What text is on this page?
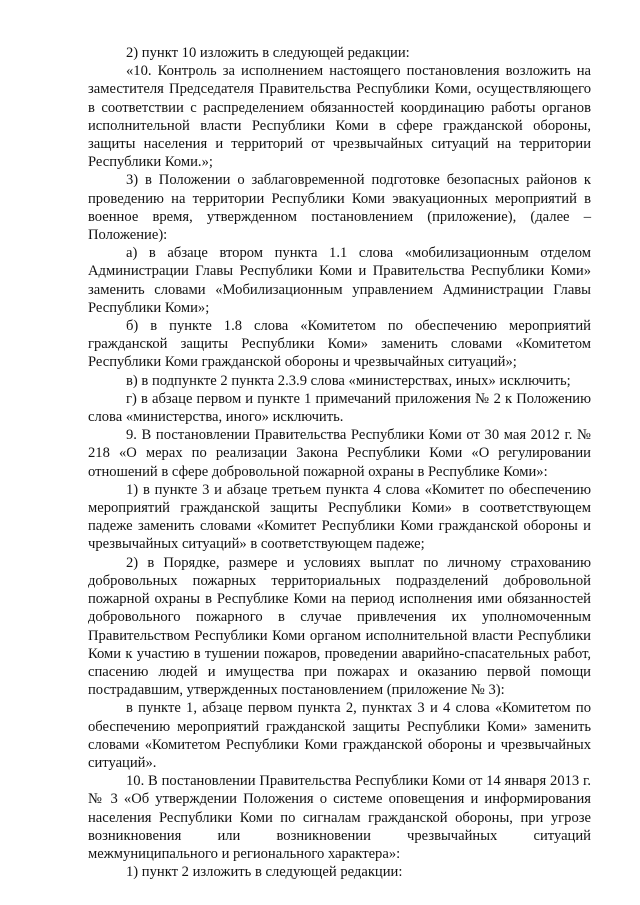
2) пункт 10 изложить в следующей редакции:

«10. Контроль за исполнением настоящего постановления возложить на заместителя Председателя Правительства Республики Коми, осуществляющего в соответствии с распределением обязанностей координацию работы органов исполнительной власти Республики Коми в сфере гражданской обороны, защиты населения и территорий от чрезвычайных ситуаций на территории Республики Коми.»;

3) в Положении о заблаговременной подготовке безопасных районов к проведению на территории Республики Коми эвакуационных мероприятий в военное время, утвержденном постановлением (приложение), (далее – Положение):

а) в абзаце втором пункта 1.1 слова «мобилизационным отделом Администрации Главы Республики Коми и Правительства Республики Коми» заменить словами «Мобилизационным управлением Администрации Главы Республики Коми»;

б) в пункте 1.8 слова «Комитетом по обеспечению мероприятий гражданской защиты Республики Коми» заменить словами «Комитетом Республики Коми гражданской обороны и чрезвычайных ситуаций»;

в) в подпункте 2 пункта 2.3.9 слова «министерствах, иных» исключить;

г) в абзаце первом и пункте 1 примечаний приложения № 2 к Положению слова «министерства, иного» исключить.

9. В постановлении Правительства Республики Коми от 30 мая 2012 г. № 218 «О мерах по реализации Закона Республики Коми «О регулировании отношений в сфере добровольной пожарной охраны в Республике Коми»:

1) в пункте 3 и абзаце третьем пункта 4 слова «Комитет по обеспечению мероприятий гражданской защиты Республики Коми» в соответствующем падеже заменить словами «Комитет Республики Коми гражданской обороны и чрезвычайных ситуаций» в соответствующем падеже;

2) в Порядке, размере и условиях выплат по личному страхованию добровольных пожарных территориальных подразделений добровольной пожарной охраны в Республике Коми на период исполнения ими обязанностей добровольного пожарного в случае привлечения их уполномоченным Правительством Республики Коми органом исполнительной власти Республики Коми к участию в тушении пожаров, проведении аварийно-спасательных работ, спасению людей и имущества при пожарах и оказанию первой помощи пострадавшим, утвержденных постановлением (приложение № 3):

в пункте 1, абзаце первом пункта 2, пунктах 3 и 4 слова «Комитетом по обеспечению мероприятий гражданской защиты Республики Коми» заменить словами «Комитетом Республики Коми гражданской обороны и чрезвычайных ситуаций».

10. В постановлении Правительства Республики Коми от 14 января 2013 г. № 3 «Об утверждении Положения о системе оповещения и информирования населения Республики Коми по сигналам гражданской обороны, при угрозе возникновения или возникновении чрезвычайных ситуаций межмуниципального и регионального характера»:

1) пункт 2 изложить в следующей редакции:
